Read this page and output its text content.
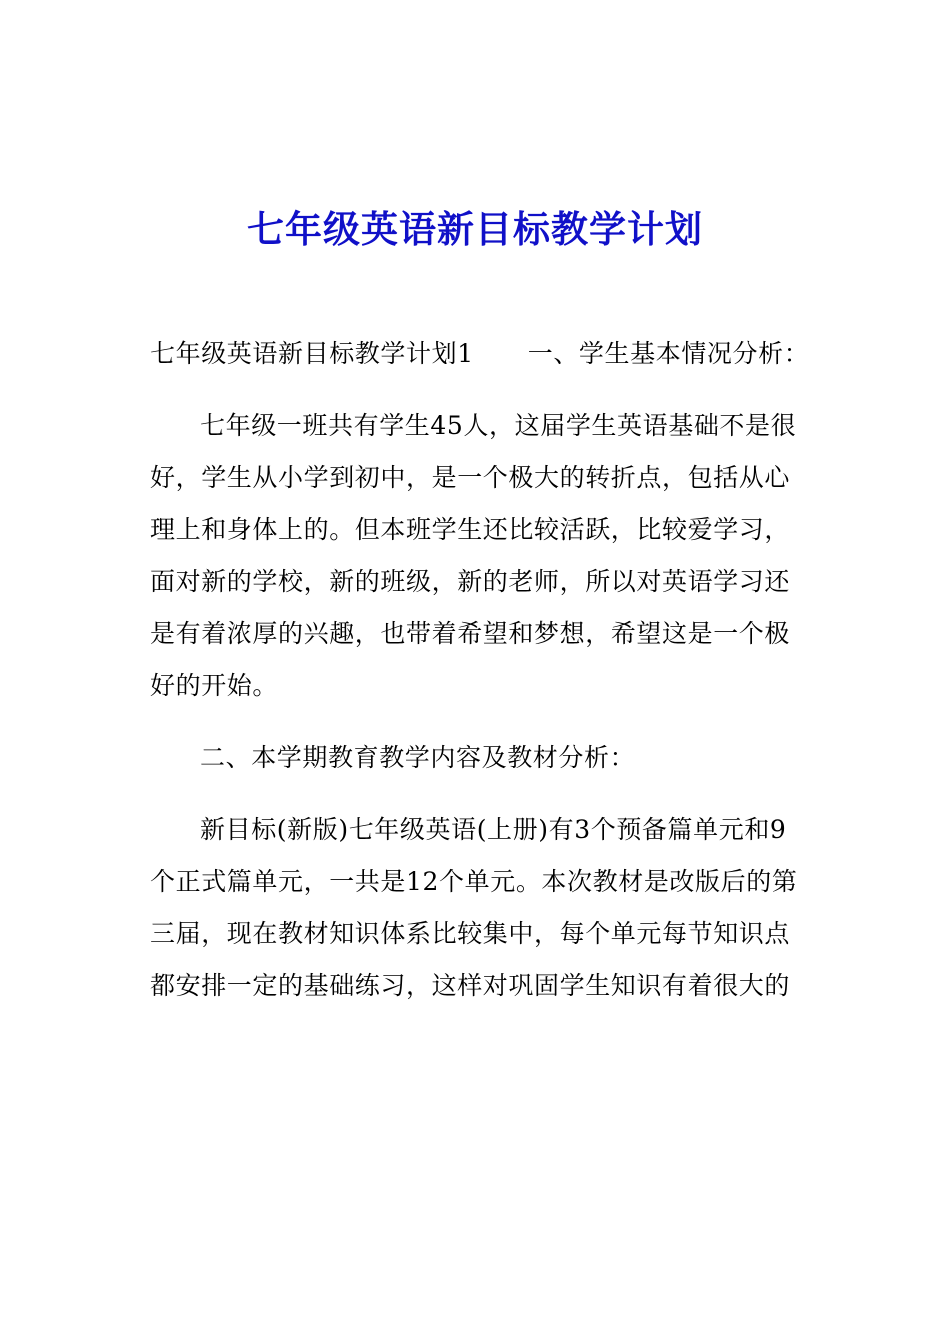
七年级英语新目标教学计划

七年级英语新目标教学计划1 一、学生基本情况分析：

七年级一班共有学生45人，这届学生英语基础不是很好，学生从小学到初中，是一个极大的转折点，包括从心理上和身体上的。但本班学生还比较活跃，比较爱学习，面对新的学校，新的班级，新的老师，所以对英语学习还是有着浓厚的兴趣，也带着希望和梦想，希望这是一个极好的开始。

二、本学期教育教学内容及教材分析：

新目标(新版)七年级英语(上册)有3个预备篇单元和9个正式篇单元，一共是12个单元。本次教材是改版后的第三届，现在教材知识体系比较集中，每个单元每节知识点都安排一定的基础练习，这样对巩固学生知识有着很大的
